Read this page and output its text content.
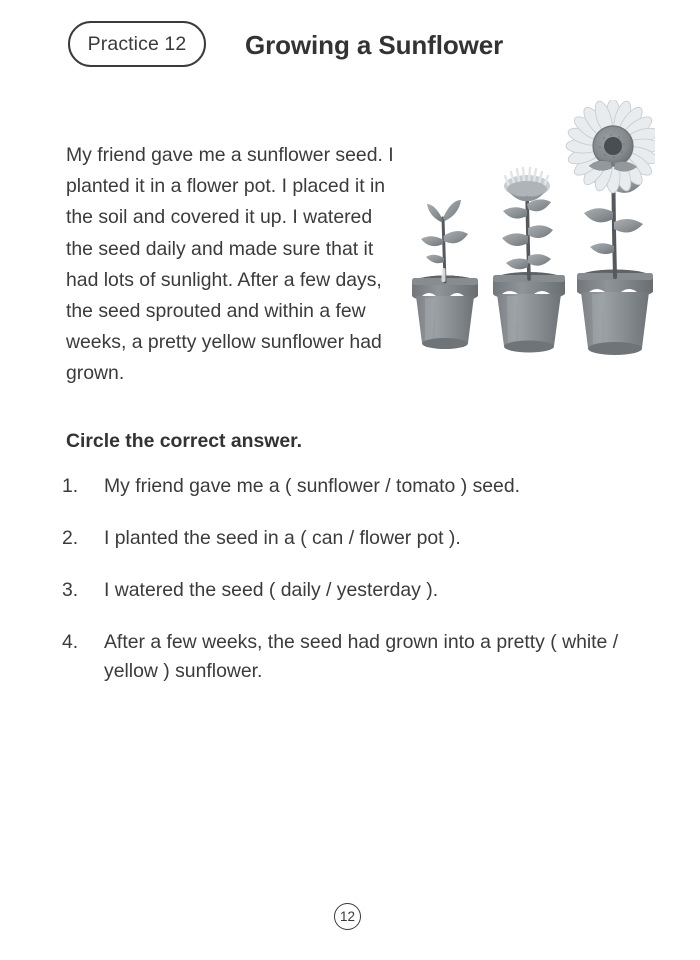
Practice 12 Growing a Sunflower
My friend gave me a sunflower seed. I planted it in a flower pot. I placed it in the soil and covered it up. I watered the seed daily and made sure that it had lots of sunlight. After a few days, the seed sprouted and within a few weeks, a pretty yellow sunflower had grown.
Circle the correct answer.
1.	My friend gave me a ( sunflower / tomato ) seed.
2.	I planted the seed in a ( can / flower pot ).
3.	I watered the seed ( daily / yesterday ).
4.	After a few weeks, the seed had grown into a pretty ( white / yellow ) sunflower.
12
